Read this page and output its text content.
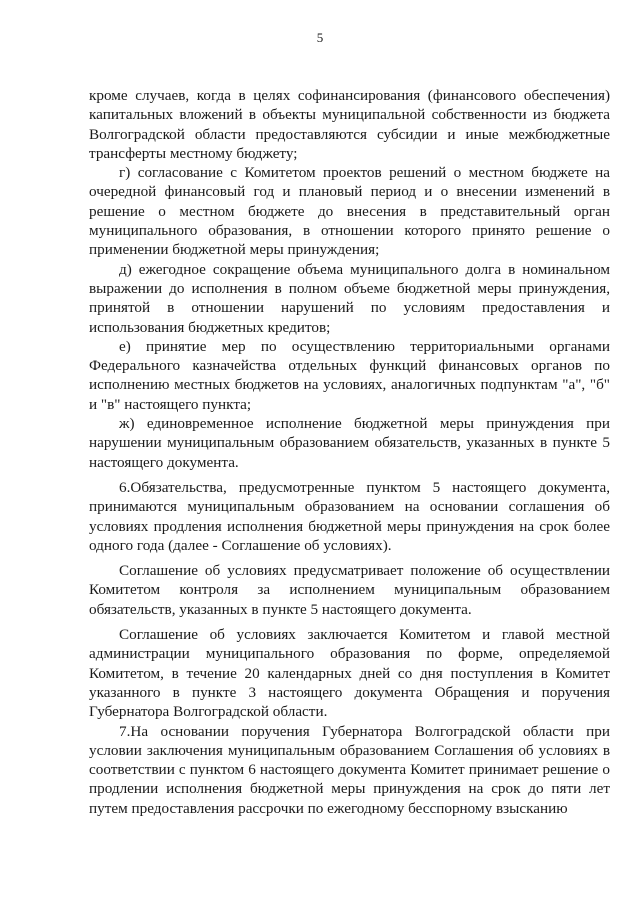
5

кроме случаев, когда в целях софинансирования (финансового обеспечения) капитальных вложений в объекты муниципальной собственности из бюджета Волгоградской области предоставляются субсидии и иные межбюджетные трансферты местному бюджету;

г) согласование с Комитетом проектов решений о местном бюджете на очередной финансовый год и плановый период и о внесении изменений в решение о местном бюджете до внесения в представительный орган муниципального образования, в отношении которого принято решение о применении бюджетной меры принуждения;

д) ежегодное сокращение объема муниципального долга в номинальном выражении до исполнения в полном объеме бюджетной меры принуждения, принятой в отношении нарушений по условиям предоставления и использования бюджетных кредитов;

е) принятие мер по осуществлению территориальными органами Федерального казначейства отдельных функций финансовых органов по исполнению местных бюджетов на условиях, аналогичных подпунктам "а", "б" и "в" настоящего пункта;

ж) единовременное исполнение бюджетной меры принуждения при нарушении муниципальным образованием обязательств, указанных в пункте 5 настоящего документа.

6.Обязательства, предусмотренные пунктом 5 настоящего документа, принимаются муниципальным образованием на основании соглашения об условиях продления исполнения бюджетной меры принуждения на срок более одного года (далее - Соглашение об условиях).

Соглашение об условиях предусматривает положение об осуществлении Комитетом контроля за исполнением муниципальным образованием обязательств, указанных в пункте 5 настоящего документа.

Соглашение об условиях заключается Комитетом и главой местной администрации муниципального образования по форме, определяемой Комитетом, в течение 20 календарных дней со дня поступления в Комитет указанного в пункте 3 настоящего документа Обращения и поручения Губернатора Волгоградской области.

7.На основании поручения Губернатора Волгоградской области при условии заключения муниципальным образованием Соглашения об условиях в соответствии с пунктом 6 настоящего документа Комитет принимает решение о продлении исполнения бюджетной меры принуждения на срок до пяти лет путем предоставления рассрочки по ежегодному бесспорному взысканию
